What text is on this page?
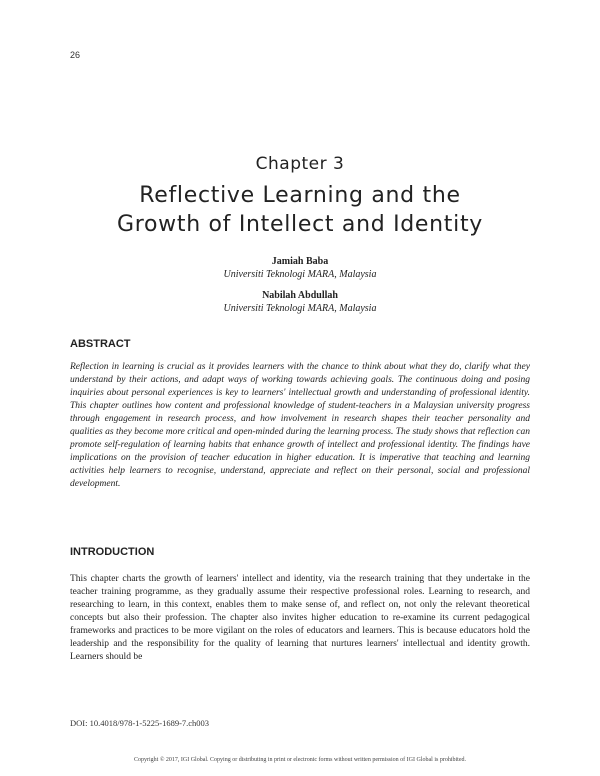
26
Chapter 3
Reflective Learning and the
Growth of Intellect and Identity
Jamiah Baba
Universiti Teknologi MARA, Malaysia
Nabilah Abdullah
Universiti Teknologi MARA, Malaysia
ABSTRACT
Reflection in learning is crucial as it provides learners with the chance to think about what they do, clarify what they understand by their actions, and adapt ways of working towards achieving goals. The continuous doing and posing inquiries about personal experiences is key to learners' intellectual growth and understanding of professional identity. This chapter outlines how content and professional knowledge of student-teachers in a Malaysian university progress through engagement in research process, and how involvement in research shapes their teacher personality and qualities as they become more critical and open-minded during the learning process. The study shows that reflection can promote self-regulation of learning habits that enhance growth of intellect and professional identity. The findings have implications on the provision of teacher education in higher education. It is imperative that teaching and learning activities help learners to recognise, understand, appreciate and reflect on their personal, social and professional development.
INTRODUCTION
This chapter charts the growth of learners' intellect and identity, via the research training that they undertake in the teacher training programme, as they gradually assume their respective professional roles. Learning to research, and researching to learn, in this context, enables them to make sense of, and reflect on, not only the relevant theoretical concepts but also their profession. The chapter also invites higher education to re-examine its current pedagogical frameworks and practices to be more vigilant on the roles of educators and learners. This is because educators hold the leadership and the responsibility for the quality of learning that nurtures learners' intellectual and identity growth. Learners should be
DOI: 10.4018/978-1-5225-1689-7.ch003
Copyright © 2017, IGI Global. Copying or distributing in print or electronic forms without written permission of IGI Global is prohibited.
